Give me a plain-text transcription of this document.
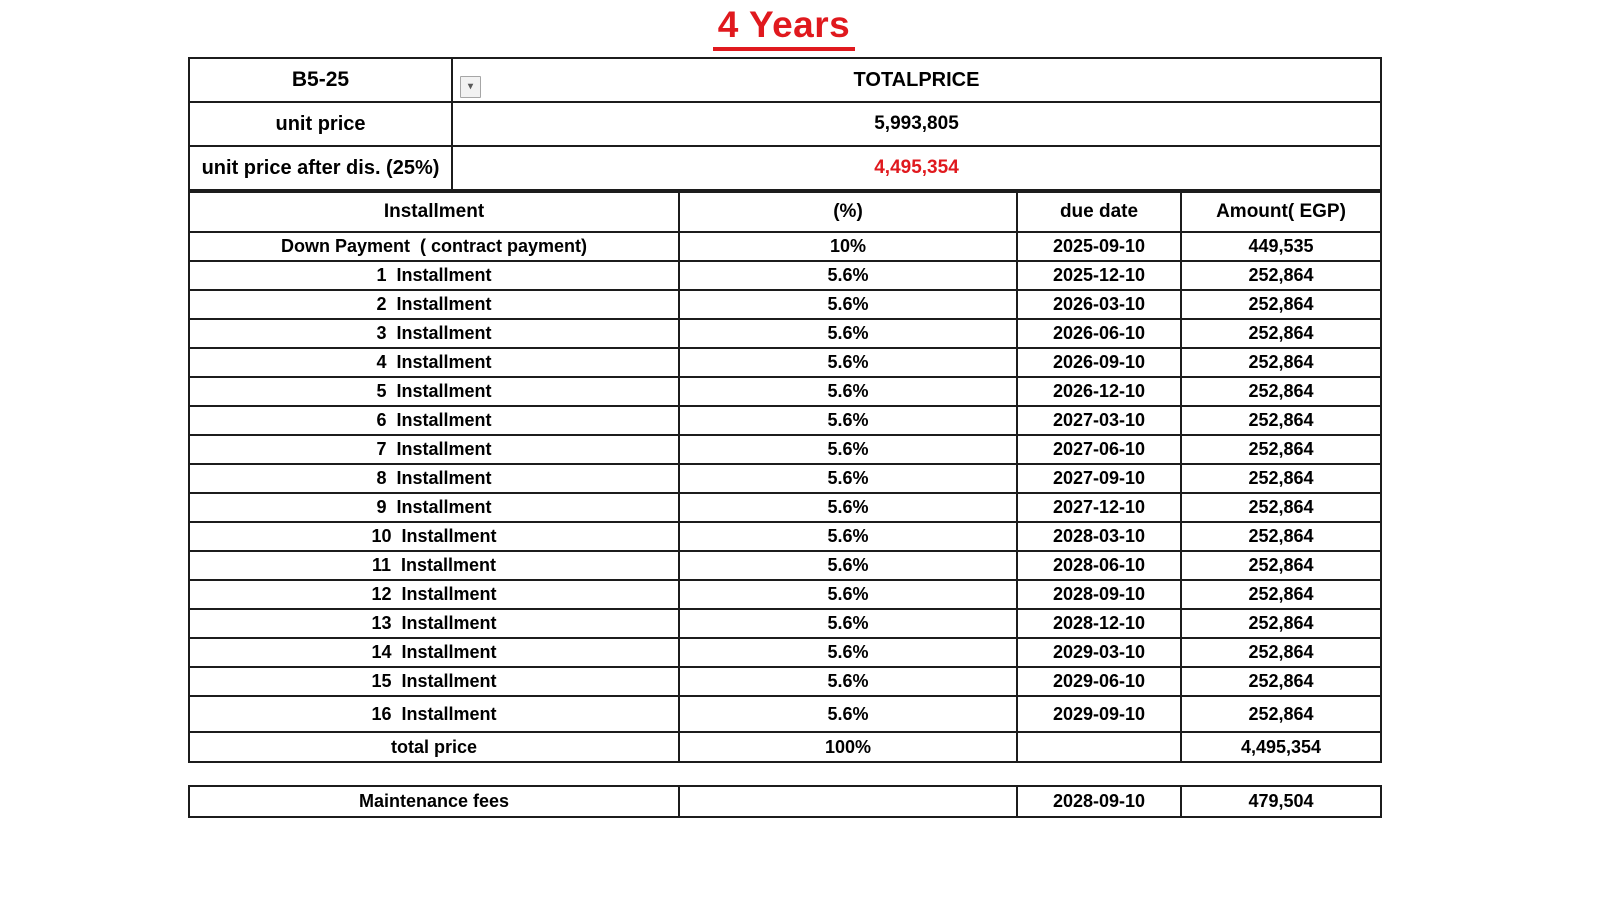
4 Years
B5-25	TOTALPRICE
▾

unit price	5,993,805
unit price after dis. (25%)	4,495,354
Installment	(%)	due date	Amount( EGP)
Down Payment  ( contract payment)	10%	2025-09-10	449,535
1  Installment	5.6%	2025-12-10	252,864
2  Installment	5.6%	2026-03-10	252,864
3  Installment	5.6%	2026-06-10	252,864
4  Installment	5.6%	2026-09-10	252,864
5  Installment	5.6%	2026-12-10	252,864
6  Installment	5.6%	2027-03-10	252,864
7  Installment	5.6%	2027-06-10	252,864
8  Installment	5.6%	2027-09-10	252,864
9  Installment	5.6%	2027-12-10	252,864
10  Installment	5.6%	2028-03-10	252,864
11  Installment	5.6%	2028-06-10	252,864
12  Installment	5.6%	2028-09-10	252,864
13  Installment	5.6%	2028-12-10	252,864
14  Installment	5.6%	2029-03-10	252,864
15  Installment	5.6%	2029-06-10	252,864
16  Installment	5.6%	2029-09-10	252,864
total price	100%		4,495,354
Maintenance fees		2028-09-10	479,504
